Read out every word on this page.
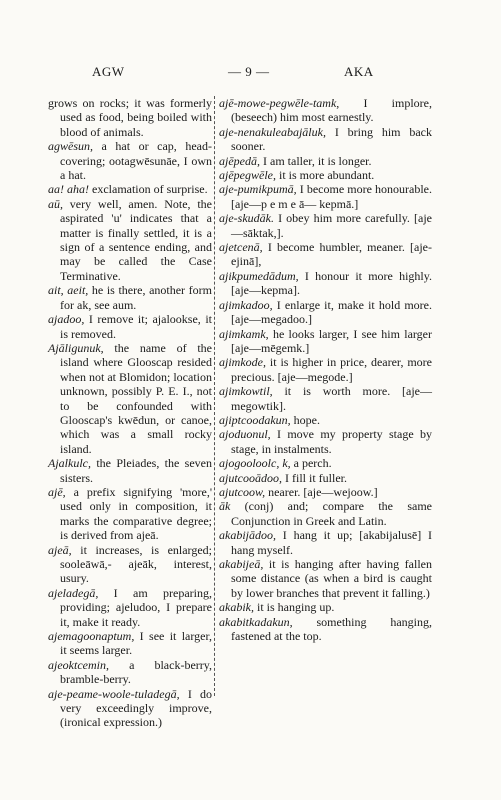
AGW	— 9 —	AKA
grows on rocks; it was formerly used as food, being boiled with blood of animals.
agwēsun, a hat or cap, head-covering; ootagwēsunāe, I own a hat.
aa! aha! exclamation of surprise.
aū, very well, amen. Note, the aspirated 'u' indicates that a matter is finally settled, it is a sign of a sentence ending, and may be called the Case Terminative.
ait, aeit, he is there, another form for ak, see aum.
ajadoo, I remove it; ajalookse, it is removed.
Ajāligunuk, the name of the island where Glooscap resided when not at Blomidon; location unknown, possibly P. E. I., not to be confounded with Glooscap's kwēdun, or canoe, which was a small rocky island.
Ajalkulc, the Pleiades, the seven sisters.
ajē, a prefix signifying 'more,' used only in composition, it marks the comparative degree; is derived from ajeā.
ajeā, it increases, is enlarged; sooleāwā,- ajeāk, interest, usury.
ajeladegā, I am preparing, providing; ajeludoo, I prepare it, make it ready.
ajemagoonaptum, I see it larger, it seems larger.
ajeoktcemin, a black-berry, bramble-berry.
aje-peame-woole-tuladegā, I do very exceedingly improve, (ironical expression.)
ajē-mowe-pegwēle-tamk, I implore, (beseech) him most earnestly.
aje-nenakuleabajāluk, I bring him back sooner.
ajēpedā, I am taller, it is longer.
ajēpegwēle, it is more abundant.
aje-pumikpumā, I become more honourable. [aje—p e m e ā— kepmā.]
aje-skudāk. I obey him more carefully. [aje—sāktak,].
ajetcenā, I become humbler, meaner. [aje- ejinā],
ajikpumedādum, I honour it more highly. [aje—kepma].
ajimkadoo, I enlarge it, make it hold more. [aje—megadoo.]
ajimkamk, he looks larger, I see him larger [aje—mēgemk.]
ajimkode, it is higher in price, dearer, more precious. [aje—megode.]
ajimkowtil, it is worth more. [aje—megowtik].
ajiptcoodakun, hope.
ajoduonul, I move my property stage by stage, in instalments.
ajogooloolc, k, a perch.
ajutcooādoo, I fill it fuller.
ajutcoow, nearer. [aje—wejoow.]
āk (conj) and; compare the same Conjunction in Greek and Latin.
akabijādoo, I hang it up; [akabijalusē] I hang myself.
akabijeā, it is hanging after having fallen some distance (as when a bird is caught by lower branches that prevent it falling.)
akabik, it is hanging up.
akabitkadakun, something hanging, fastened at the top.
